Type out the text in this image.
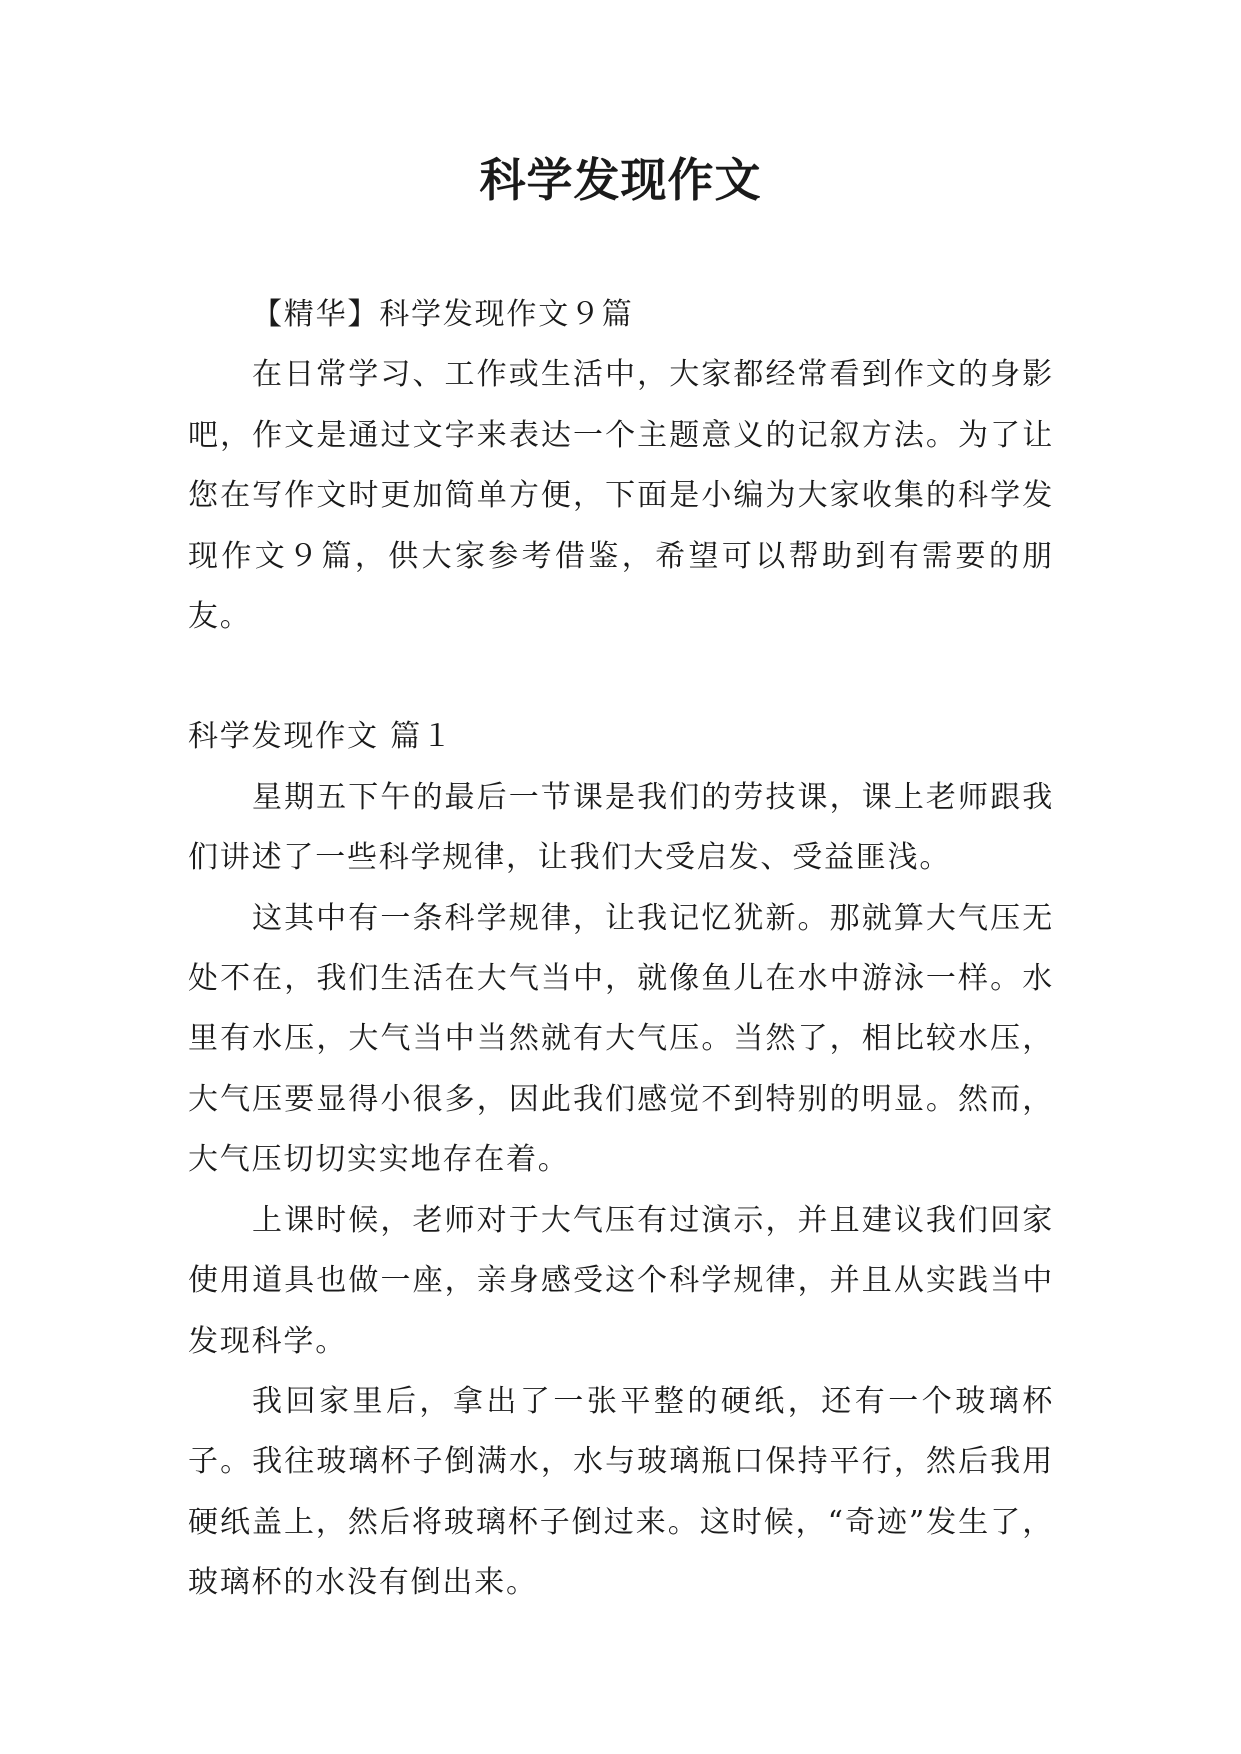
科学发现作文

【精华】科学发现作文９篇

在日常学习、工作或生活中，大家都经常看到作文的身影吧，作文是通过文字来表达一个主题意义的记叙方法。为了让您在写作文时更加简单方便，下面是小编为大家收集的科学发现作文９篇，供大家参考借鉴，希望可以帮助到有需要的朋友。

科学发现作文 篇１

星期五下午的最后一节课是我们的劳技课，课上老师跟我们讲述了一些科学规律，让我们大受启发、受益匪浅。

这其中有一条科学规律，让我记忆犹新。那就算大气压无处不在，我们生活在大气当中，就像鱼儿在水中游泳一样。水里有水压，大气当中当然就有大气压。当然了，相比较水压，大气压要显得小很多，因此我们感觉不到特别的明显。然而，大气压切切实实地存在着。

上课时候，老师对于大气压有过演示，并且建议我们回家使用道具也做一座，亲身感受这个科学规律，并且从实践当中发现科学。

我回家里后，拿出了一张平整的硬纸，还有一个玻璃杯子。我往玻璃杯子倒满水，水与玻璃瓶口保持平行，然后我用硬纸盖上，然后将玻璃杯子倒过来。这时候，“奇迹”发生了，玻璃杯的水没有倒出来。
